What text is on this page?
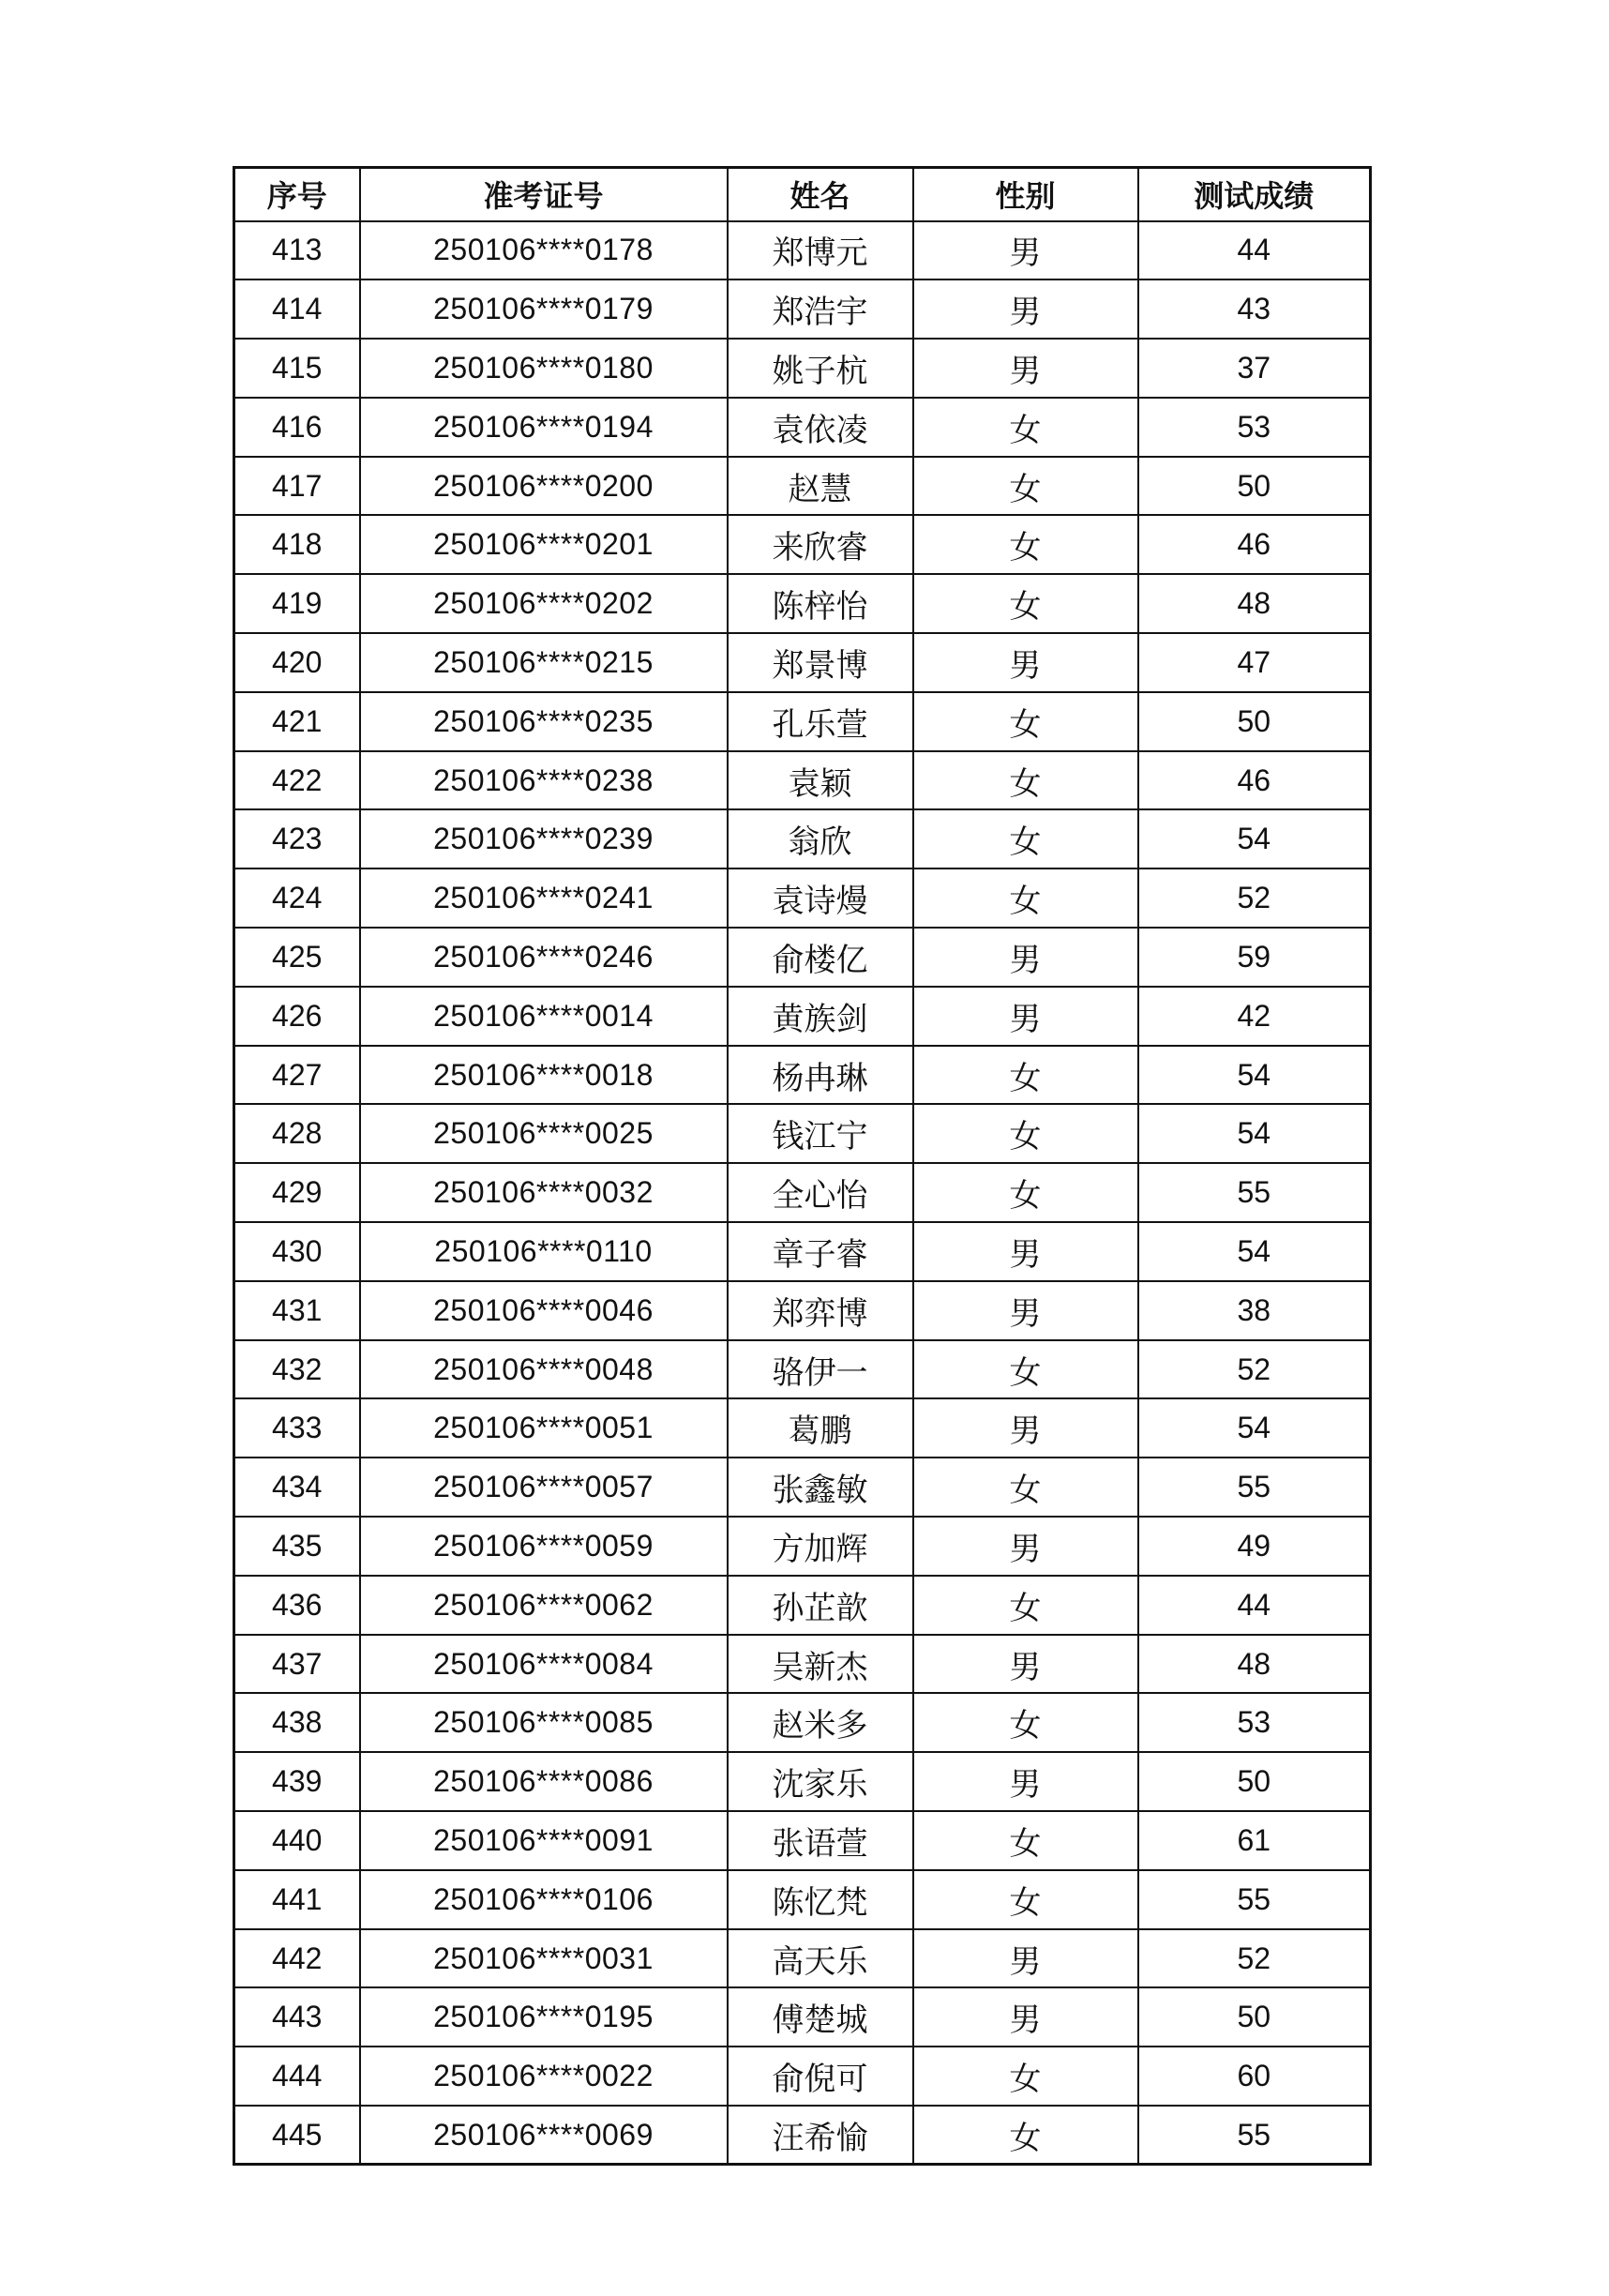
序号	准考证号	姓名	性别	测试成绩
413	250106****0178	郑博元	男	44
414	250106****0179	郑浩宇	男	43
415	250106****0180	姚子杭	男	37
416	250106****0194	袁依凌	女	53
417	250106****0200	赵慧	女	50
418	250106****0201	来欣睿	女	46
419	250106****0202	陈梓怡	女	48
420	250106****0215	郑景博	男	47
421	250106****0235	孔乐萱	女	50
422	250106****0238	袁颖	女	46
423	250106****0239	翁欣	女	54
424	250106****0241	袁诗熳	女	52
425	250106****0246	俞楼亿	男	59
426	250106****0014	黄族剑	男	42
427	250106****0018	杨冉琳	女	54
428	250106****0025	钱江宁	女	54
429	250106****0032	全心怡	女	55
430	250106****0110	章子睿	男	54
431	250106****0046	郑弈博	男	38
432	250106****0048	骆伊一	女	52
433	250106****0051	葛鹏	男	54
434	250106****0057	张鑫敏	女	55
435	250106****0059	方加辉	男	49
436	250106****0062	孙芷歆	女	44
437	250106****0084	吴新杰	男	48
438	250106****0085	赵米多	女	53
439	250106****0086	沈家乐	男	50
440	250106****0091	张语萱	女	61
441	250106****0106	陈忆梵	女	55
442	250106****0031	高天乐	男	52
443	250106****0195	傅楚城	男	50
444	250106****0022	俞倪可	女	60
445	250106****0069	汪希愉	女	55
